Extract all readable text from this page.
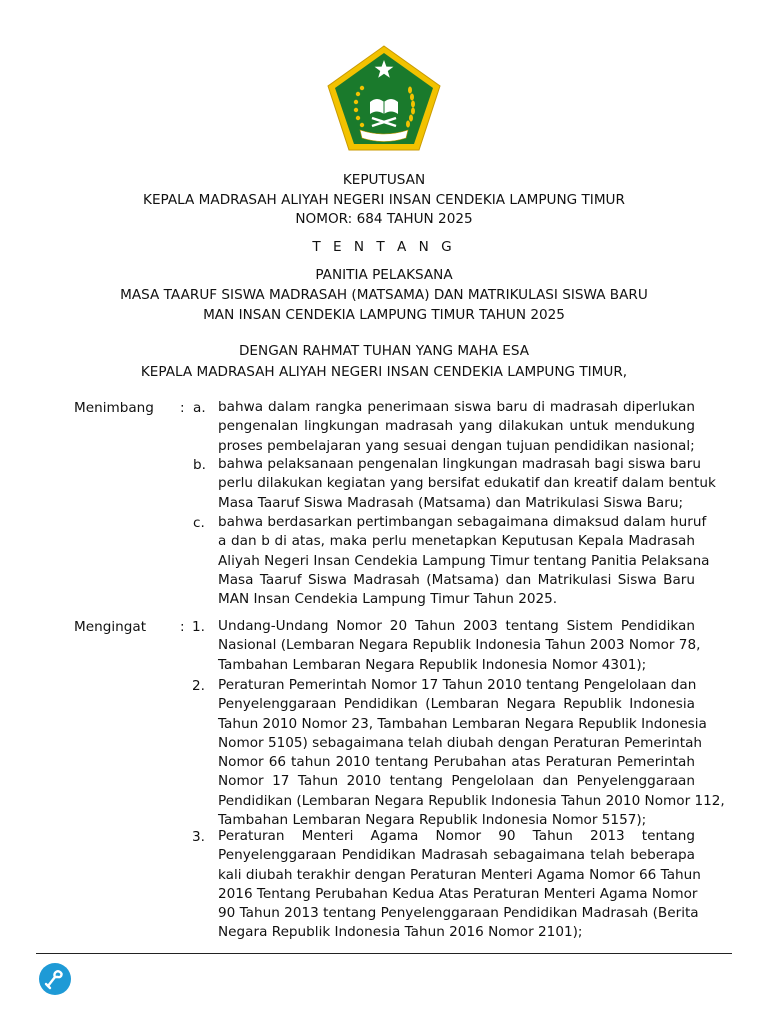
KEPUTUSAN
KEPALA MADRASAH ALIYAH NEGERI INSAN CENDEKIA LAMPUNG TIMUR
NOMOR: 684 TAHUN 2025
T E N T A N G
PANITIA PELAKSANA
MASA TAARUF SISWA MADRASAH (MATSAMA) DAN MATRIKULASI SISWA BARU
MAN INSAN CENDEKIA LAMPUNG TIMUR TAHUN 2025
DENGAN RAHMAT TUHAN YANG MAHA ESA
KEPALA MADRASAH ALIYAH NEGERI INSAN CENDEKIA LAMPUNG TIMUR,
Menimbang : a. bahwa dalam rangka penerimaan siswa baru di madrasah diperlukan
pengenalan lingkungan madrasah yang dilakukan untuk mendukung
proses pembelajaran yang sesuai dengan tujuan pendidikan nasional;
b. bahwa pelaksanaan pengenalan lingkungan madrasah bagi siswa baru
perlu dilakukan kegiatan yang bersifat edukatif dan kreatif dalam bentuk
Masa Taaruf Siswa Madrasah (Matsama) dan Matrikulasi Siswa Baru;
c. bahwa berdasarkan pertimbangan sebagaimana dimaksud dalam huruf
a dan b di atas, maka perlu menetapkan Keputusan Kepala Madrasah
Aliyah Negeri Insan Cendekia Lampung Timur tentang Panitia Pelaksana
Masa Taaruf Siswa Madrasah (Matsama) dan Matrikulasi Siswa Baru
MAN Insan Cendekia Lampung Timur Tahun 2025.
Mengingat : 1. Undang-Undang Nomor 20 Tahun 2003 tentang Sistem Pendidikan
Nasional (Lembaran Negara Republik Indonesia Tahun 2003 Nomor 78,
Tambahan Lembaran Negara Republik Indonesia Nomor 4301);
2. Peraturan Pemerintah Nomor 17 Tahun 2010 tentang Pengelolaan dan
Penyelenggaraan Pendidikan (Lembaran Negara Republik Indonesia
Tahun 2010 Nomor 23, Tambahan Lembaran Negara Republik Indonesia
Nomor 5105) sebagaimana telah diubah dengan Peraturan Pemerintah
Nomor 66 tahun 2010 tentang Perubahan atas Peraturan Pemerintah
Nomor 17 Tahun 2010 tentang Pengelolaan dan Penyelenggaraan
Pendidikan (Lembaran Negara Republik Indonesia Tahun 2010 Nomor 112,
Tambahan Lembaran Negara Republik Indonesia Nomor 5157);
3. Peraturan Menteri Agama Nomor 90 Tahun 2013 tentang
Penyelenggaraan Pendidikan Madrasah sebagaimana telah beberapa
kali diubah terakhir dengan Peraturan Menteri Agama Nomor 66 Tahun
2016 Tentang Perubahan Kedua Atas Peraturan Menteri Agama Nomor
90 Tahun 2013 tentang Penyelenggaraan Pendidikan Madrasah (Berita
Negara Republik Indonesia Tahun 2016 Nomor 2101);
